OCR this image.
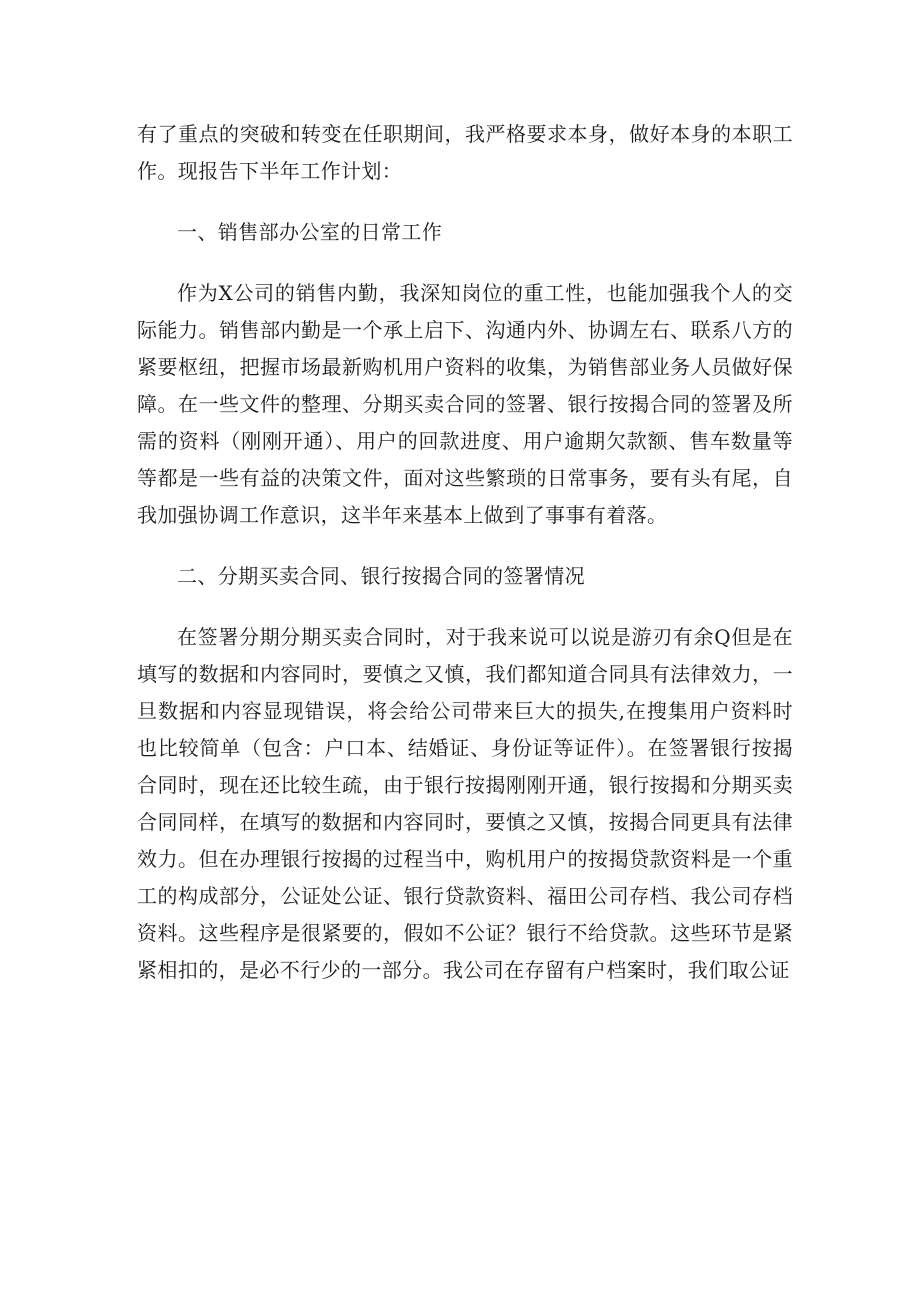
有了重点的突破和转变在任职期间，我严格要求本身，做好本身的本职工作。现报告下半年工作计划：

一、销售部办公室的日常工作

作为X公司的销售内勤，我深知岗位的重工性，也能加强我个人的交际能力。销售部内勤是一个承上启下、沟通内外、协调左右、联系八方的紧要枢纽，把握市场最新购机用户资料的收集，为销售部业务人员做好保障。在一些文件的整理、分期买卖合同的签署、银行按揭合同的签署及所需的资料（刚刚开通）、用户的回款进度、用户逾期欠款额、售车数量等等都是一些有益的决策文件，面对这些繁琐的日常事务，要有头有尾，自我加强协调工作意识，这半年来基本上做到了事事有着落。

二、分期买卖合同、银行按揭合同的签署情况

在签署分期分期买卖合同时，对于我来说可以说是游刃有余Q但是在填写的数据和内容同时，要慎之又慎，我们都知道合同具有法律效力，一旦数据和内容显现错误，将会给公司带来巨大的损失,在搜集用户资料时也比较简单（包含：户口本、结婚证、身份证等证件）。在签署银行按揭合同时，现在还比较生疏，由于银行按揭刚刚开通，银行按揭和分期买卖合同同样，在填写的数据和内容同时，要慎之又慎，按揭合同更具有法律效力。但在办理银行按揭的过程当中，购机用户的按揭贷款资料是一个重工的构成部分，公证处公证、银行贷款资料、福田公司存档、我公司存档资料。这些程序是很紧要的，假如不公证？银行不给贷款。这些环节是紧紧相扣的，是必不行少的一部分。我公司在存留有户档案时，我们取公证
